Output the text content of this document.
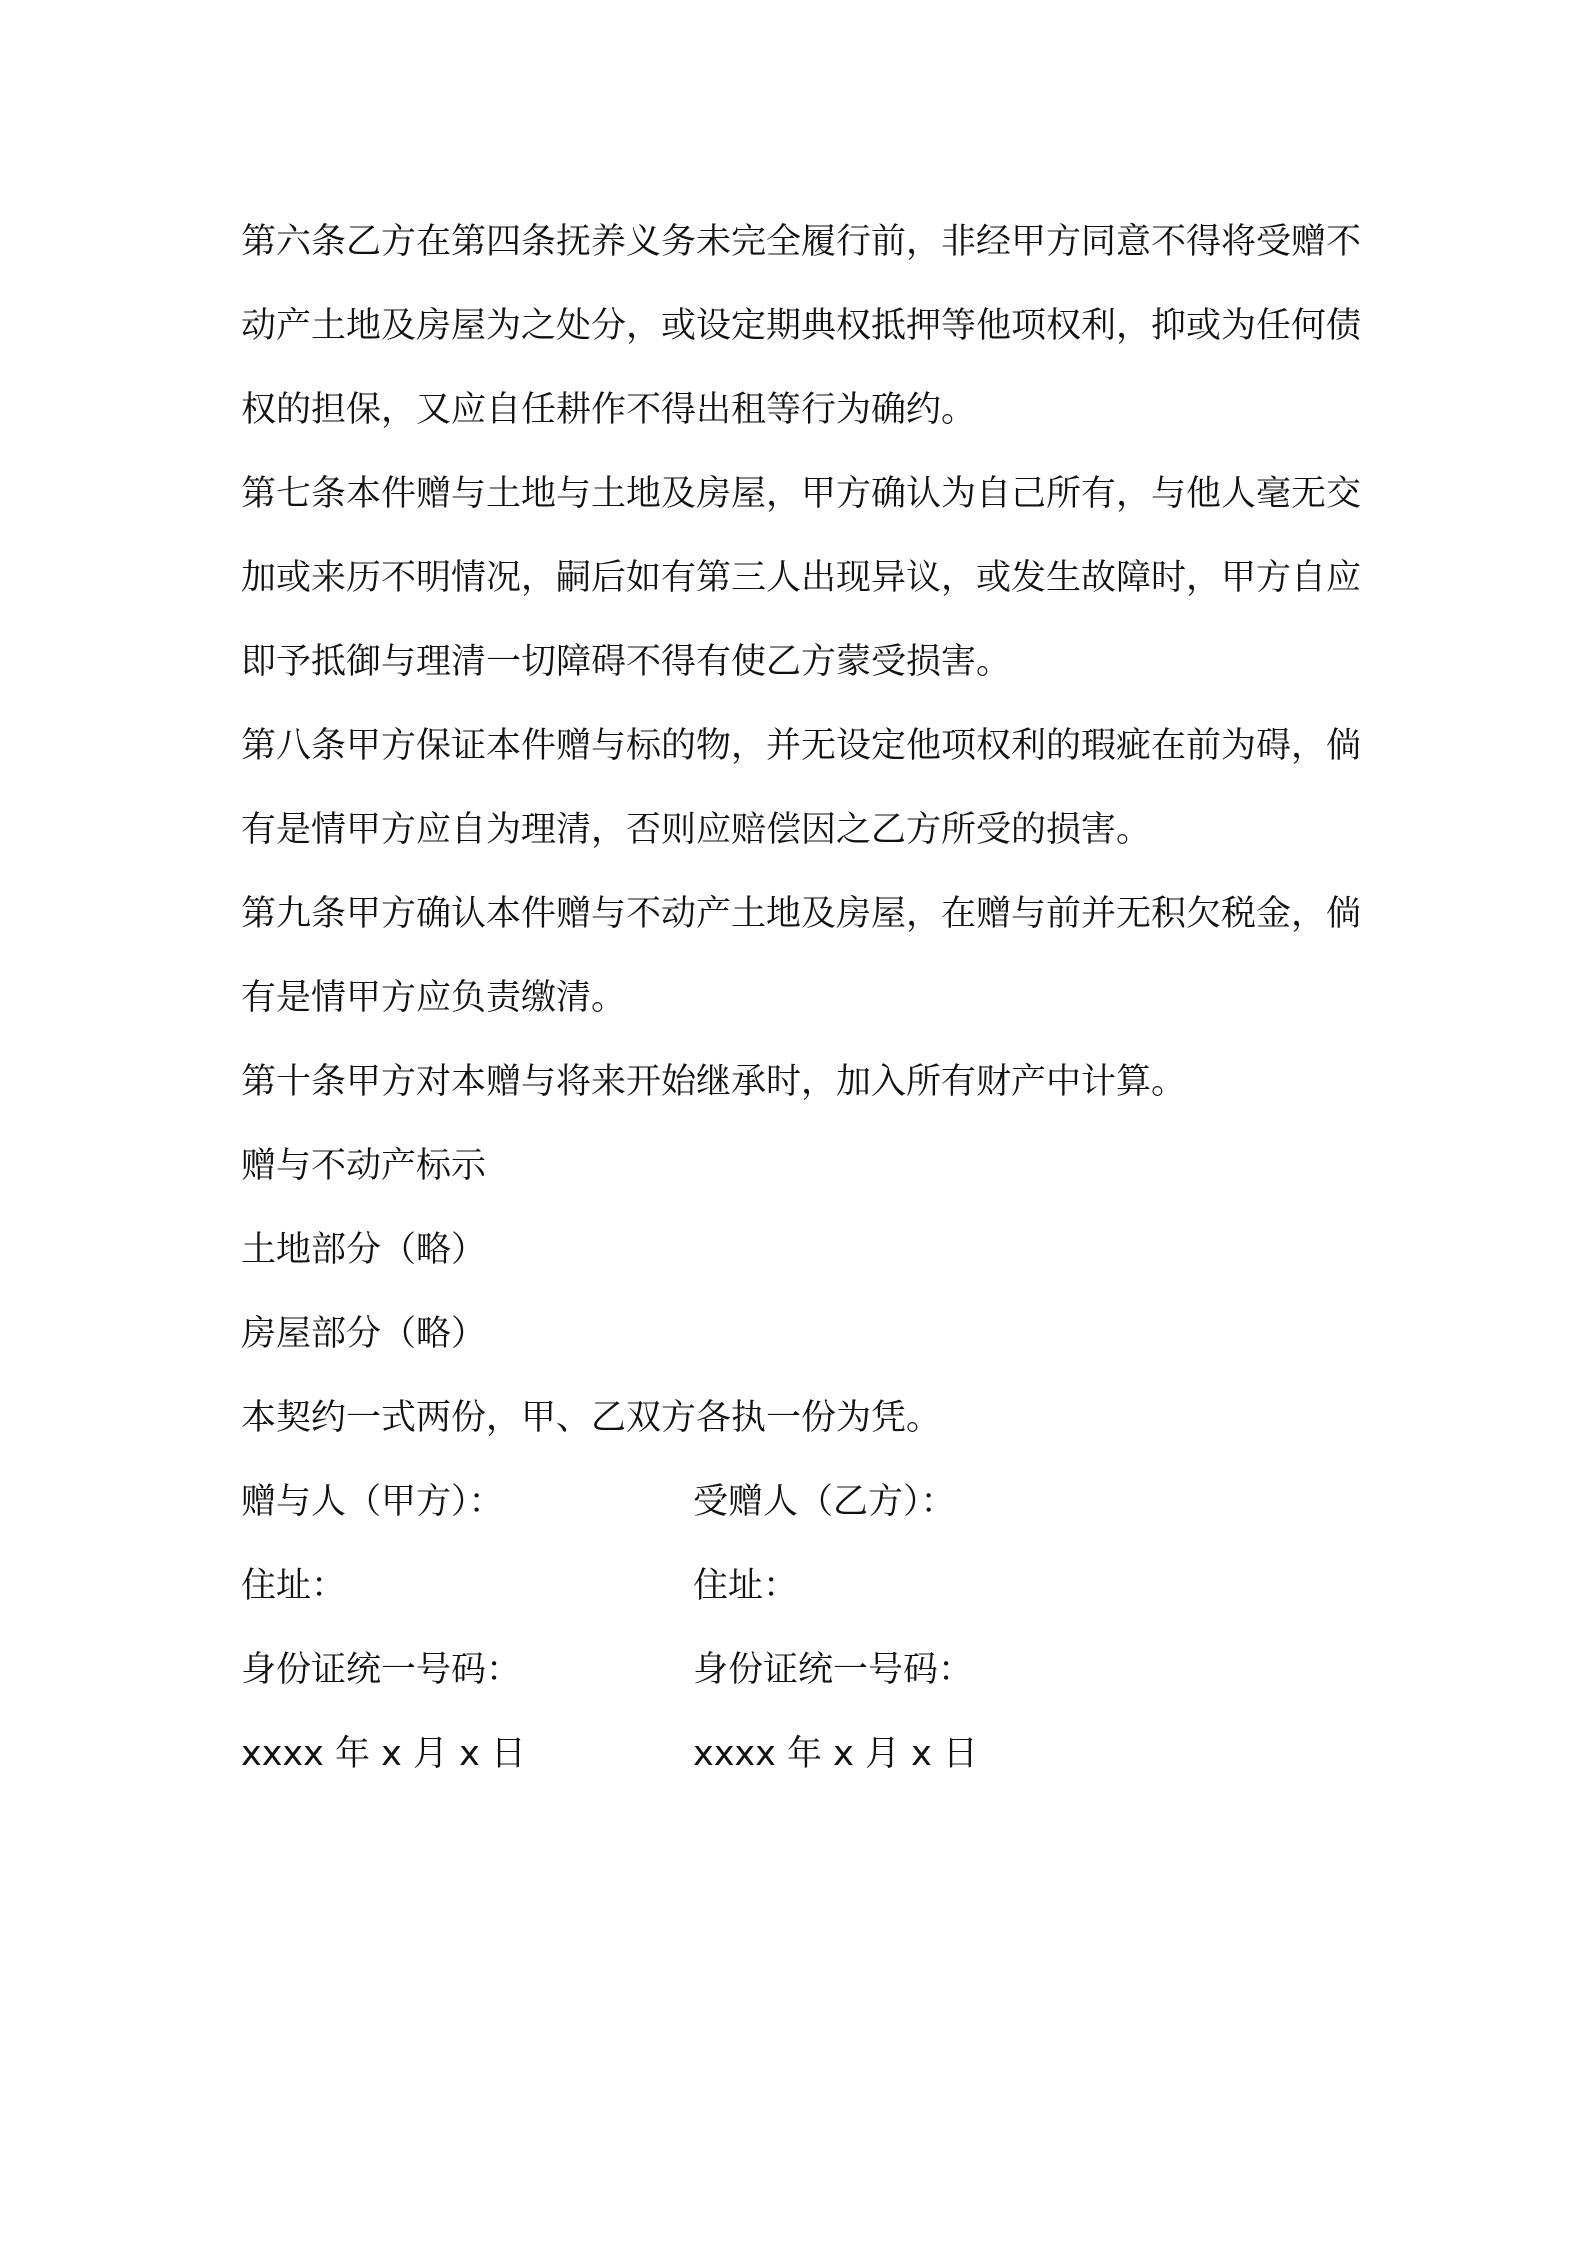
第六条乙方在第四条抚养义务未完全履行前，非经甲方同意不得将受赠不动产土地及房屋为之处分，或设定期典权抵押等他项权利，抑或为任何债权的担保，又应自任耕作不得出租等行为确约。

第七条本件赠与土地与土地及房屋，甲方确认为自己所有，与他人毫无交加或来历不明情况，嗣后如有第三人出现异议，或发生故障时，甲方自应即予抵御与理清一切障碍不得有使乙方蒙受损害。

第八条甲方保证本件赠与标的物，并无设定他项权利的瑕疵在前为碍，倘有是情甲方应自为理清，否则应赔偿因之乙方所受的损害。

第九条甲方确认本件赠与不动产土地及房屋，在赠与前并无积欠税金，倘有是情甲方应负责缴清。

第十条甲方对本赠与将来开始继承时，加入所有财产中计算。

赠与不动产标示

土地部分（略）

房屋部分（略）

本契约一式两份，甲、乙双方各执一份为凭。

赠与人（甲方）：	受赠人（乙方）：
住址：	住址：
身份证统一号码：	身份证统一号码：
xxxx 年 x 月 x 日	xxxx 年 x 月 x 日
